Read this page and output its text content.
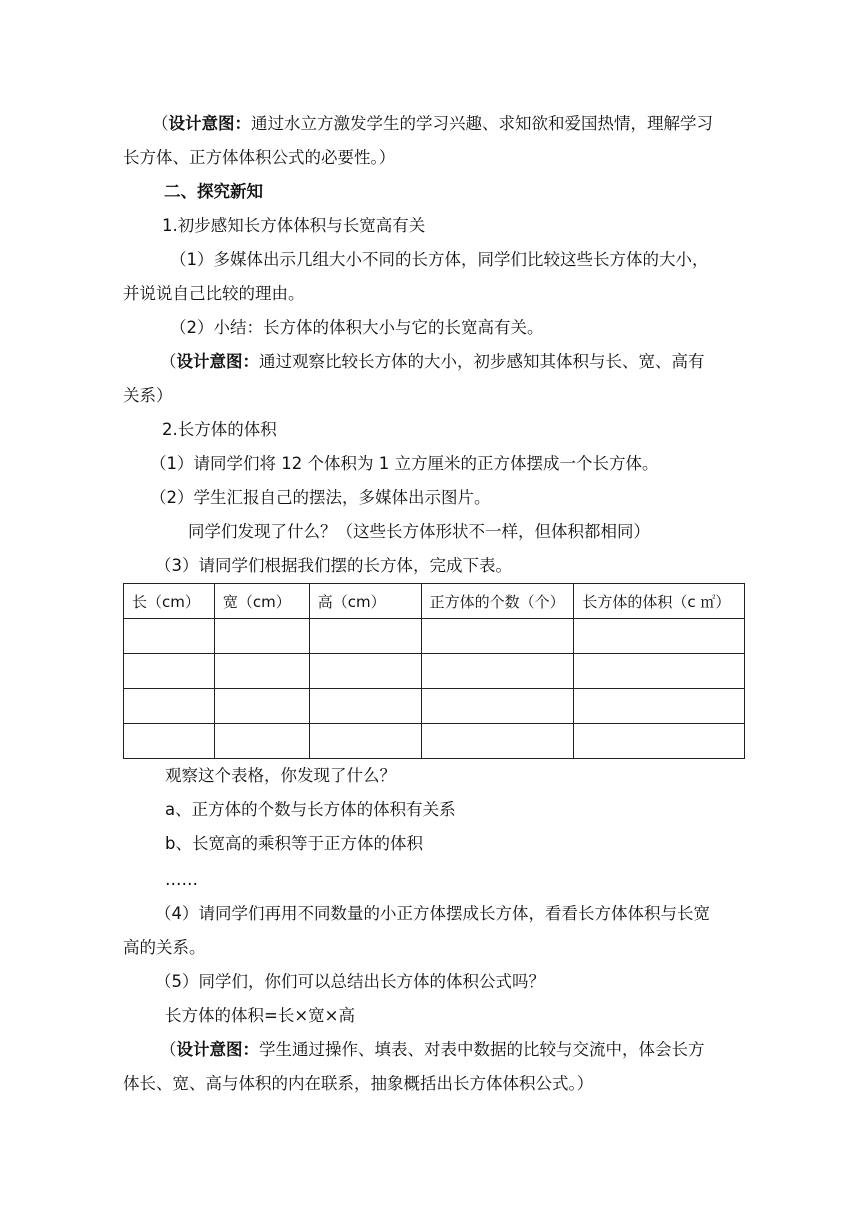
（设计意图：通过水立方激发学生的学习兴趣、求知欲和爱国热情，理解学习
长方体、正方体体积公式的必要性。）
二、探究新知
1.初步感知长方体体积与长宽高有关
（1）多媒体出示几组大小不同的长方体，同学们比较这些长方体的大小，
并说说自己比较的理由。
（2）小结：长方体的体积大小与它的长宽高有关。
（设计意图：通过观察比较长方体的大小，初步感知其体积与长、宽、高有
关系）
2.长方体的体积
（1）请同学们将 12 个体积为 1 立方厘米的正方体摆成一个长方体。
（2）学生汇报自己的摆法，多媒体出示图片。
同学们发现了什么？（这些长方体形状不一样，但体积都相同）
（3）请同学们根据我们摆的长方体，完成下表。
长（cm）	宽（cm）	高（cm）	正方体的个数（个）	长方体的体积（c ㎡）

观察这个表格，你发现了什么？
a、正方体的个数与长方体的体积有关系
b、长宽高的乘积等于正方体的体积
……
（4）请同学们再用不同数量的小正方体摆成长方体，看看长方体体积与长宽
高的关系。
（5）同学们，你们可以总结出长方体的体积公式吗？
长方体的体积=长×宽×高
（设计意图：学生通过操作、填表、对表中数据的比较与交流中，体会长方
体长、宽、高与体积的内在联系，抽象概括出长方体体积公式。）
